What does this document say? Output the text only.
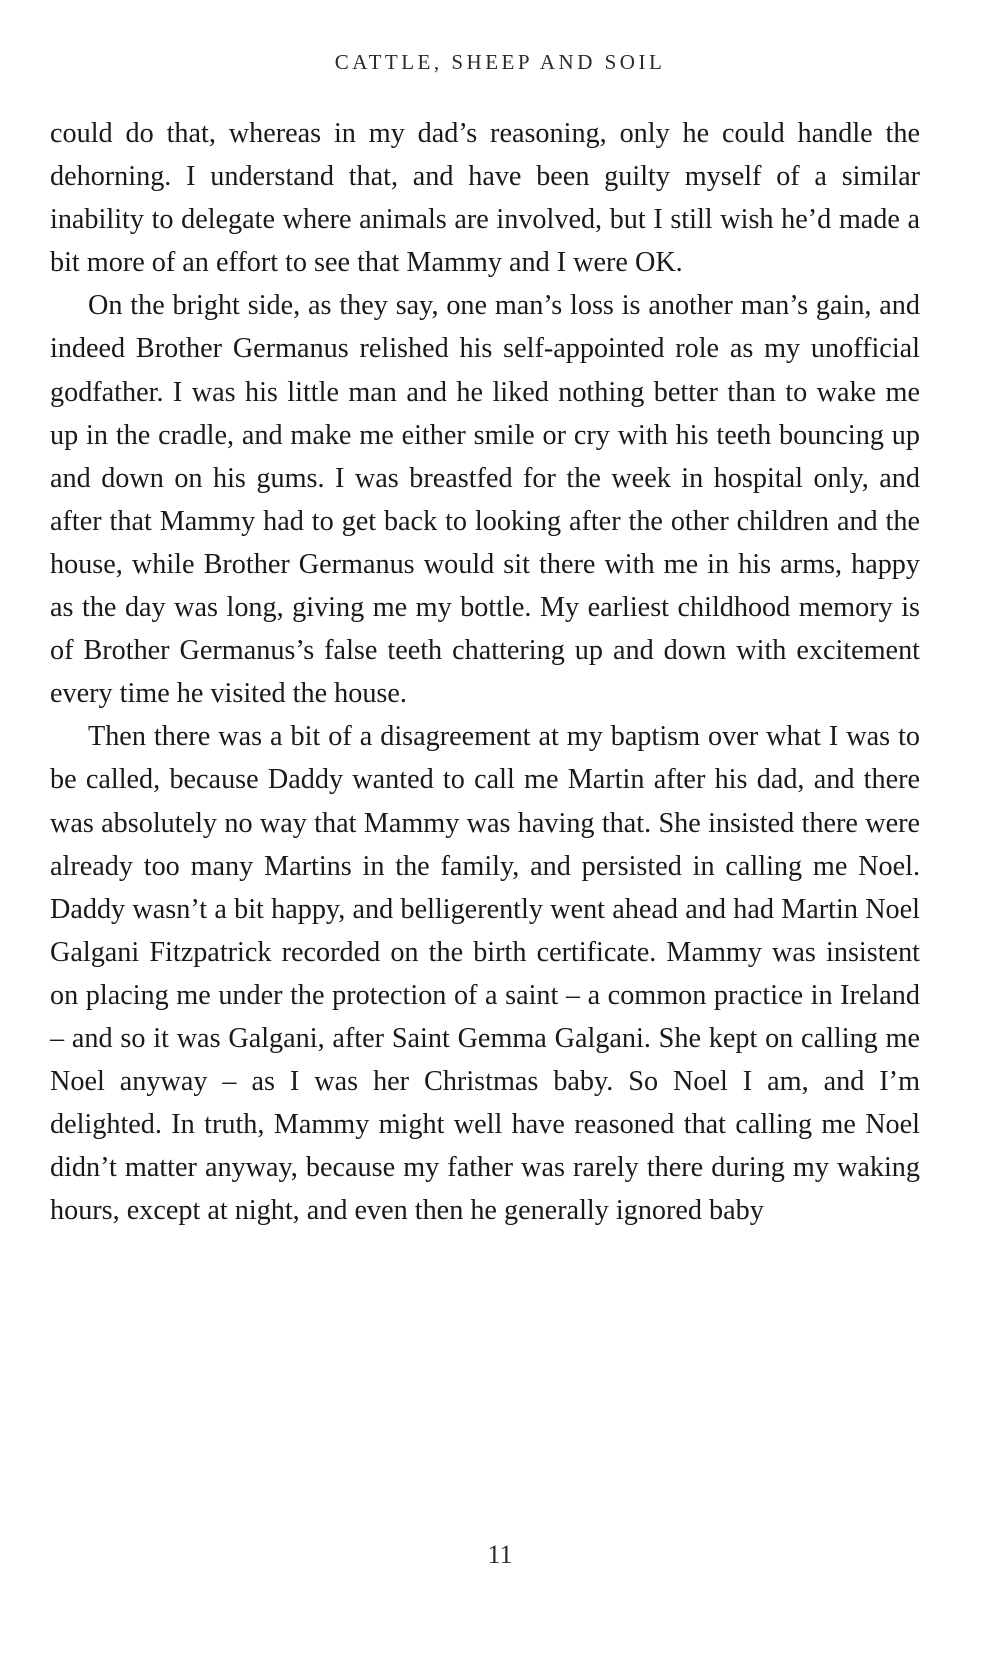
CATTLE, SHEEP AND SOIL

could do that, whereas in my dad’s reasoning, only he could handle the dehorning. I understand that, and have been guilty myself of a similar inability to delegate where animals are involved, but I still wish he’d made a bit more of an effort to see that Mammy and I were OK.

On the bright side, as they say, one man’s loss is another man’s gain, and indeed Brother Germanus relished his self-appointed role as my unofficial godfather. I was his little man and he liked nothing better than to wake me up in the cradle, and make me either smile or cry with his teeth bouncing up and down on his gums. I was breastfed for the week in hospital only, and after that Mammy had to get back to looking after the other children and the house, while Brother Germanus would sit there with me in his arms, happy as the day was long, giving me my bottle. My earliest childhood memory is of Brother Germanus’s false teeth chattering up and down with excitement every time he visited the house.

Then there was a bit of a disagreement at my baptism over what I was to be called, because Daddy wanted to call me Martin after his dad, and there was absolutely no way that Mammy was having that. She insisted there were already too many Martins in the family, and persisted in calling me Noel. Daddy wasn’t a bit happy, and belligerently went ahead and had Martin Noel Galgani Fitzpatrick recorded on the birth certificate. Mammy was insistent on placing me under the protection of a saint – a common practice in Ireland – and so it was Galgani, after Saint Gemma Galgani. She kept on calling me Noel anyway – as I was her Christmas baby. So Noel I am, and I’m delighted. In truth, Mammy might well have reasoned that calling me Noel didn’t matter anyway, because my father was rarely there during my waking hours, except at night, and even then he generally ignored baby

11
